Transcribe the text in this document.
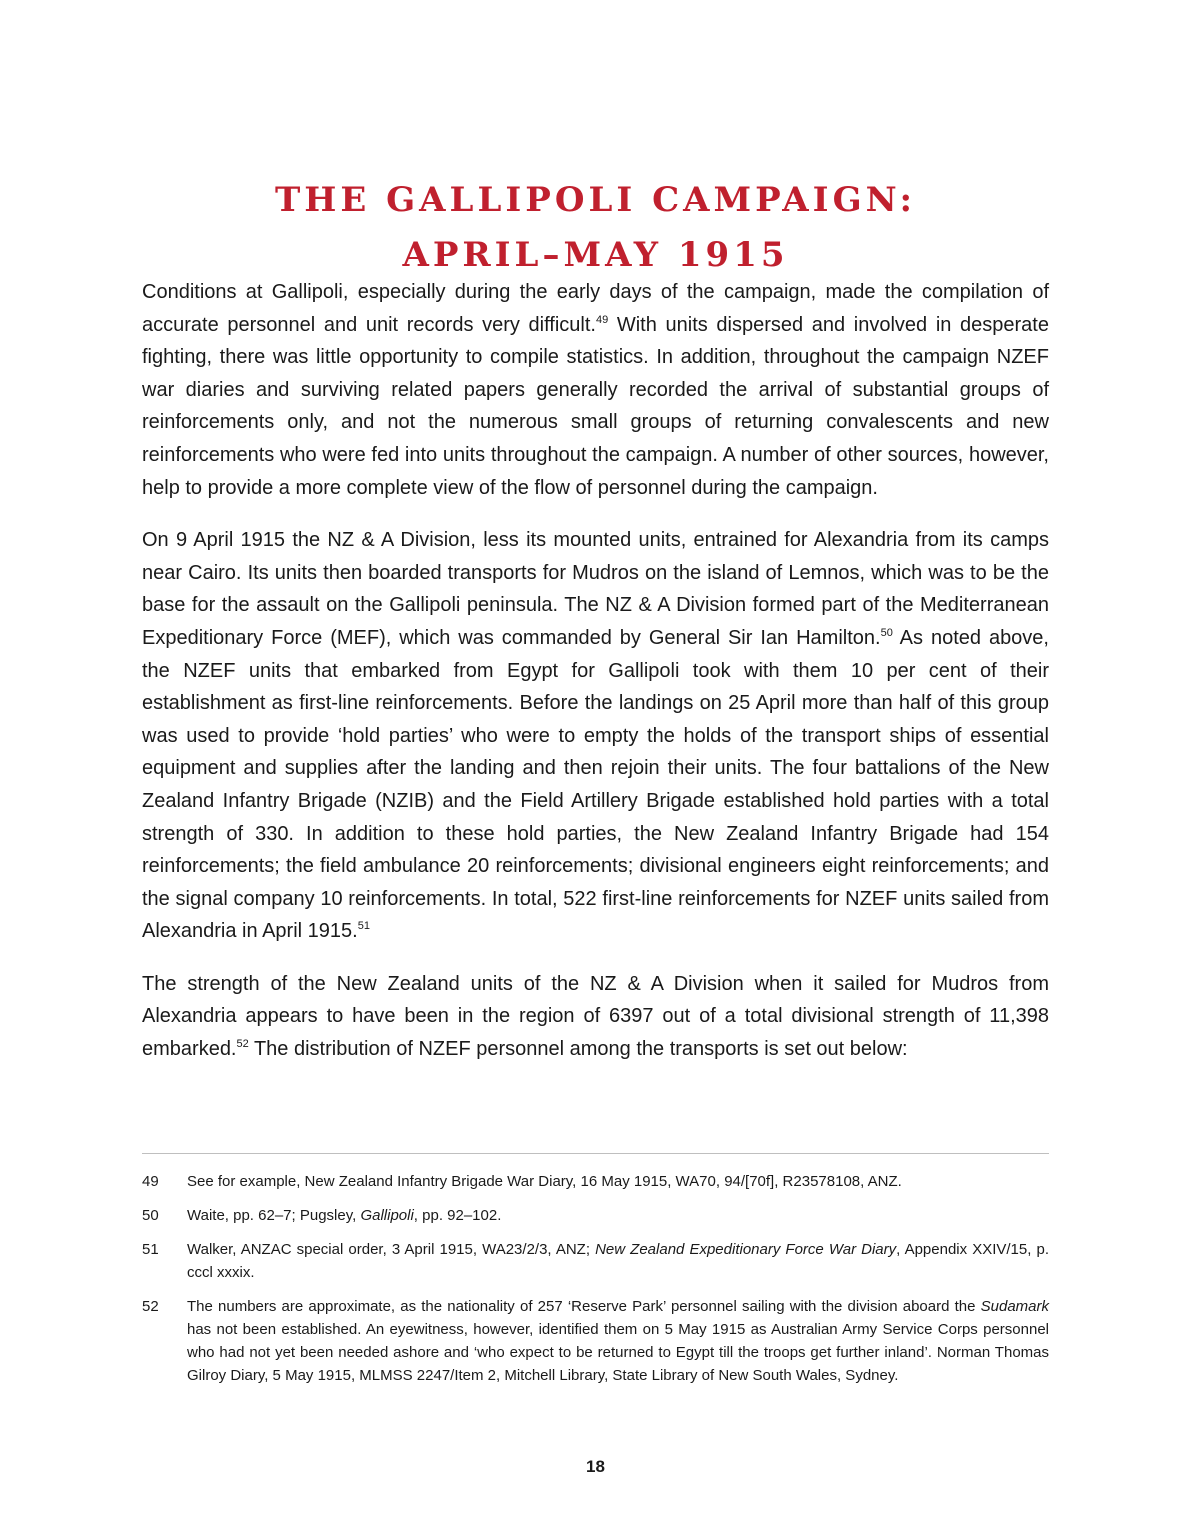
THE GALLIPOLI CAMPAIGN:
APRIL–MAY 1915

Conditions at Gallipoli, especially during the early days of the campaign, made the compilation of accurate personnel and unit records very difficult.$^{49}$ With units dispersed and involved in desperate fighting, there was little opportunity to compile statistics. In addition, throughout the campaign NZEF war diaries and surviving related papers generally recorded the arrival of substantial groups of reinforcements only, and not the numerous small groups of returning convalescents and new reinforcements who were fed into units throughout the campaign. A number of other sources, however, help to provide a more complete view of the flow of personnel during the campaign.

On 9 April 1915 the NZ & A Division, less its mounted units, entrained for Alexandria from its camps near Cairo. Its units then boarded transports for Mudros on the island of Lemnos, which was to be the base for the assault on the Gallipoli peninsula. The NZ & A Division formed part of the Mediterranean Expeditionary Force (MEF), which was commanded by General Sir Ian Hamilton.$^{50}$ As noted above, the NZEF units that embarked from Egypt for Gallipoli took with them 10 per cent of their establishment as first-line reinforcements. Before the landings on 25 April more than half of this group was used to provide ‘hold parties’ who were to empty the holds of the transport ships of essential equipment and supplies after the landing and then rejoin their units. The four battalions of the New Zealand Infantry Brigade (NZIB) and the Field Artillery Brigade established hold parties with a total strength of 330. In addition to these hold parties, the New Zealand Infantry Brigade had 154 reinforcements; the field ambulance 20 reinforcements; divisional engineers eight reinforcements; and the signal company 10 reinforcements. In total, 522 first-line reinforcements for NZEF units sailed from Alexandria in April 1915.51

The strength of the New Zealand units of the NZ & A Division when it sailed for Mudros from Alexandria appears to have been in the region of 6397 out of a total divisional strength of 11,398 embarked.$^{52}$ The distribution of NZEF personnel among the transports is set out below:

49	See for example, New Zealand Infantry Brigade War Diary, 16 May 1915, WA70, 94/[70f], R23578108, ANZ.
50	Waite, pp. 62–7; Pugsley, Gallipoli, pp. 92–102.
51	Walker, ANZAC special order, 3 April 1915, WA23/2/3, ANZ; New Zealand Expeditionary Force War Diary, Appendix XXIV/15, p. cccl xxxix.
52	The numbers are approximate, as the nationality of 257 ‘Reserve Park’ personnel sailing with the division aboard the Sudamark has not been established. An eyewitness, however, identified them on 5 May 1915 as Australian Army Service Corps personnel who had not yet been needed ashore and ‘who expect to be returned to Egypt till the troops get further inland’. Norman Thomas Gilroy Diary, 5 May 1915, MLMSS 2247/Item 2, Mitchell Library, State Library of New South Wales, Sydney.
18
